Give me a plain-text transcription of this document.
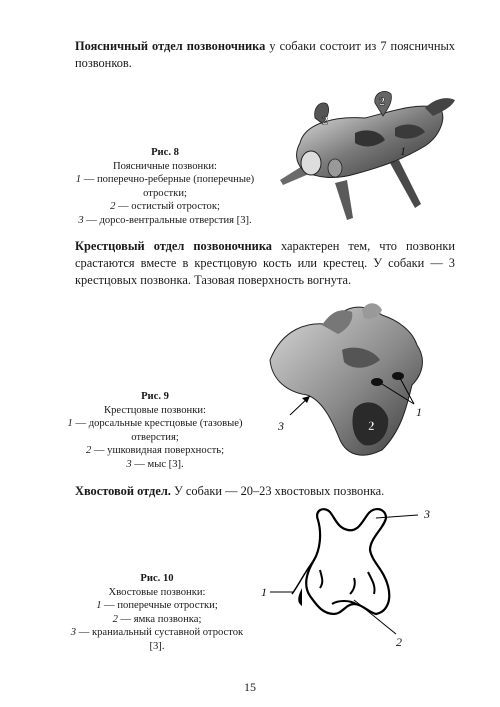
Поясничный отдел позвоночника у собаки состоит из 7 поясничных позвонков.
Рис. 8
Поясничные позвонки:
1 — поперечно-реберные (поперечные) отростки;
2 — остистый отросток;
3 — дорсо-вентральные отверстия [3].
2
2
1
1
Крестцовый отдел позвоночника характерен тем, что позвонки срастаются вместе в крестцовую кость или крестец. У собаки — 3 крестцовых позвонка. Тазовая поверхность вогнута.
Рис. 9
Крестцовые позвонки:
1 — дорсальные крестцовые (тазовые) отверстия;
2 — ушковидная поверхность;
3 — мыс [3].
3	2
1
Хвостовой отдел. У собаки — 20–23 хвостовых позвонка.
Рис. 10
Хвостовые позвонки:
1 — поперечные отростки;
2 — ямка позвонка;
3 — краниальный суставной отросток [3].
3
1
2
15
